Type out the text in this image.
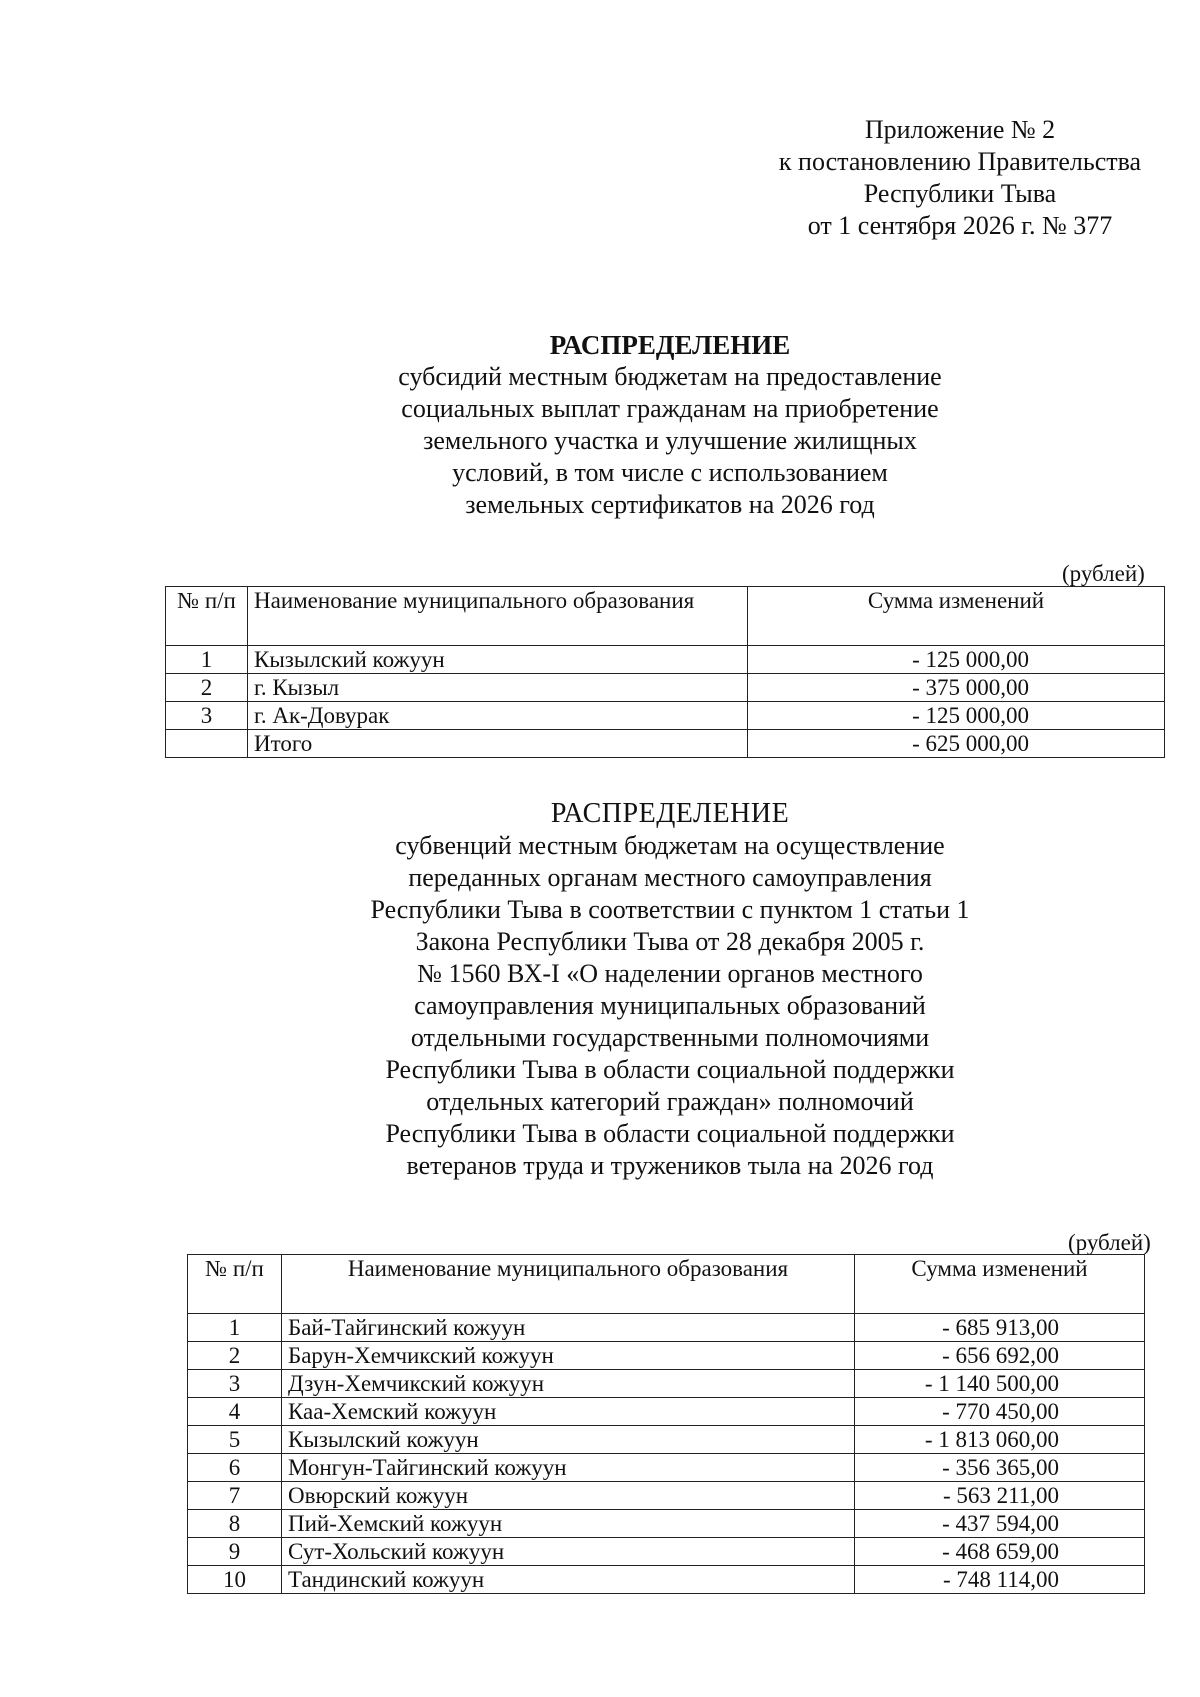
Приложение № 2
к постановлению Правительства
Республики Тыва
от 1 сентября 2026 г. № 377
РАСПРЕДЕЛЕНИЕ
субсидий местным бюджетам на предоставление
социальных выплат гражданам на приобретение
земельного участка и улучшение жилищных
условий, в том числе с использованием
земельных сертификатов на 2026 год
(рублей)
№ п/п	Наименование муниципального образования	Сумма изменений
1	Кызылский кожуун	- 125 000,00
2	г. Кызыл	- 375 000,00
3	г. Ак-Довурак	- 125 000,00
	Итого	- 625 000,00
РАСПРЕДЕЛЕНИЕ
субвенций местным бюджетам на осуществление
переданных органам местного самоуправления
Республики Тыва в соответствии с пунктом 1 статьи 1
Закона Республики Тыва от 28 декабря 2005 г.
№ 1560 ВХ-I «О наделении органов местного
самоуправления муниципальных образований
отдельными государственными полномочиями
Республики Тыва в области социальной поддержки
отдельных категорий граждан» полномочий
Республики Тыва в области социальной поддержки
ветеранов труда и тружеников тыла на 2026 год
(рублей)
№ п/п	Наименование муниципального образования	Сумма изменений
1	Бай-Тайгинский кожуун	- 685 913,00
2	Барун-Хемчикский кожуун	- 656 692,00
3	Дзун-Хемчикский кожуун	- 1 140 500,00
4	Каа-Хемский кожуун	- 770 450,00
5	Кызылский кожуун	- 1 813 060,00
6	Монгун-Тайгинский кожуун	- 356 365,00
7	Овюрский кожуун	- 563 211,00
8	Пий-Хемский кожуун	- 437 594,00
9	Сут-Хольский кожуун	- 468 659,00
10	Тандинский кожуун	- 748 114,00
